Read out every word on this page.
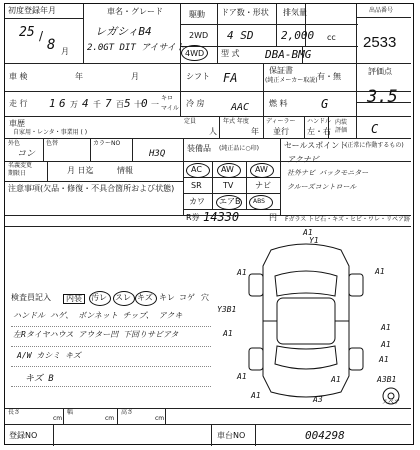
初度登録年月
25 /
8 月
車名・グレード
レガシィB4
2.0GT DIT アイサイト
駆動
2WD
4WD
ドア数・形状
4 SD
排気量
2,000 cc
型 式 DBA-BMG
出品番号
2533
車 検	年	月	シフト FA
保証書
(純正メーカー取説) 有・無
評価点
3.5
走 行 1 6 万 4 千 7 百 5 十 0 一
キロ
マイル
冷 房	AAC 燃 料	G
車歴
自家用・レンタ・事業用 ( )
定員
人
年式 年度
年
ディーラー
並行
ハンドル
左・右
内装
評価 C
外色
コン
色替	カラーNO
H3Q
装備品 (純正品に○印)
AC AW	AW
SR	TV	ナビ
カワ エアB ABS
セールスポイント
(正常に作動するもの)
アクナビ
社外ナビ バックモニター
クルーズコントロール
名義変更
期限日	月 日迄	情報
R券 14330	円 Fガラス トビ石・キズ・ヒビ・ワレ・リペア跡
注意事項(欠品・修復・不具合箇所および状態)
検査員記入	内装	汚レ スレ キズ キレ コゲ 穴
ハンドル ハゲ、 ボンネット チップ、 アクキ
左Rタイヤハウス アウター凹 下回りサビアタ
A/W カシミ キズ
キズ B
スペア
A1
Y1
A1	A1
Y3B1
A1
A1
A1
A1
A1	A3B1
A3
A1
A1
長さ
cm
幅
cm
高さ
cm
登録NO	車台NO	004298
